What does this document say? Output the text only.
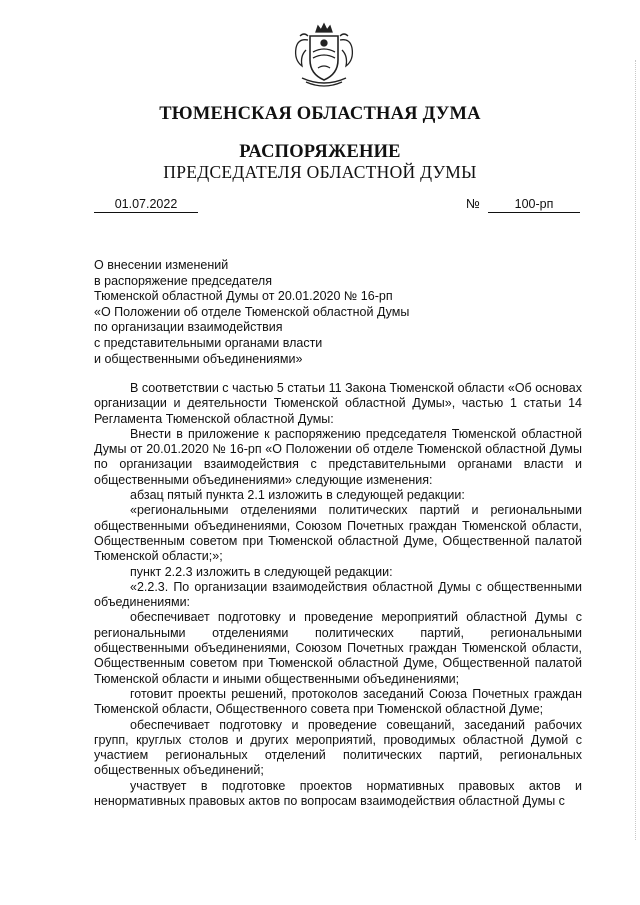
ТЮМЕНСКАЯ ОБЛАСТНАЯ ДУМА
РАСПОРЯЖЕНИЕ
ПРЕДСЕДАТЕЛЯ ОБЛАСТНОЙ ДУМЫ
01.07.2022	№	100-рп
О внесении изменений
в распоряжение председателя
Тюменской областной Думы от 20.01.2020 № 16-рп
«О Положении об отделе Тюменской областной Думы
по организации взаимодействия
с представительными органами власти
и общественными объединениями»

В соответствии с частью 5 статьи 11 Закона Тюменской области «Об основах организации и деятельности Тюменской областной Думы», частью 1 статьи 14 Регламента Тюменской областной Думы:

Внести в приложение к распоряжению председателя Тюменской областной Думы от 20.01.2020 № 16-рп «О Положении об отделе Тюменской областной Думы по организации взаимодействия с представительными органами власти и общественными объединениями» следующие изменения:

абзац пятый пункта 2.1 изложить в следующей редакции:

«региональными отделениями политических партий и региональными общественными объединениями, Союзом Почетных граждан Тюменской области, Общественным советом при Тюменской областной Думе, Общественной палатой Тюменской области;»;

пункт 2.2.3 изложить в следующей редакции:

«2.2.3. По организации взаимодействия областной Думы с общественными объединениями:

обеспечивает подготовку и проведение мероприятий областной Думы с региональными отделениями политических партий, региональными общественными объединениями, Союзом Почетных граждан Тюменской области, Общественным советом при Тюменской областной Думе, Общественной палатой Тюменской области и иными общественными объединениями;

готовит проекты решений, протоколов заседаний Союза Почетных граждан Тюменской области, Общественного совета при Тюменской областной Думе;

обеспечивает подготовку и проведение совещаний, заседаний рабочих групп, круглых столов и других мероприятий, проводимых областной Думой с участием региональных отделений политических партий, региональных общественных объединений;

участвует в подготовке проектов нормативных правовых актов и ненормативных правовых актов по вопросам взаимодействия областной Думы с
